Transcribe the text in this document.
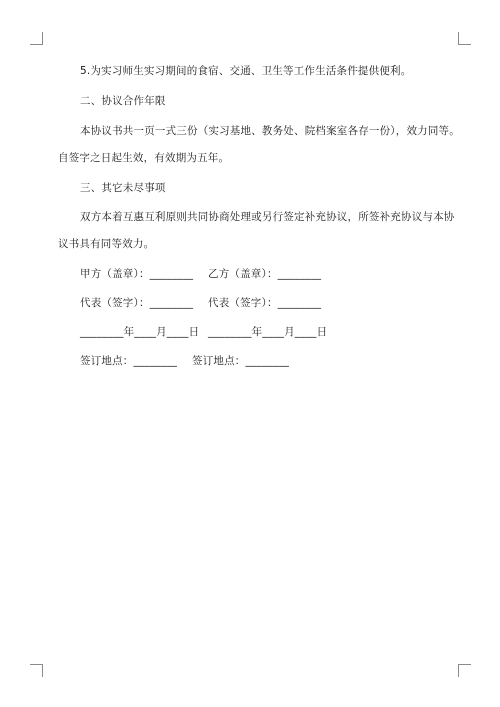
5.为实习师生实习期间的食宿、交通、卫生等工作生活条件提供便利。

二、协议合作年限

本协议书共一页一式三份（实习基地、教务处、院档案室各存一份），效力同等。

自签字之日起生效，有效期为五年。

三、其它未尽事项

双方本着互惠互利原则共同协商处理或另行签定补充协议，所签补充协议与本协

议书具有同等效力。

甲方（盖章）：________ 乙方（盖章）：________
代表（签字）：________ 代表（签字）：________
________年____月____日 ________年____月____日
签订地点：________ 签订地点：________
